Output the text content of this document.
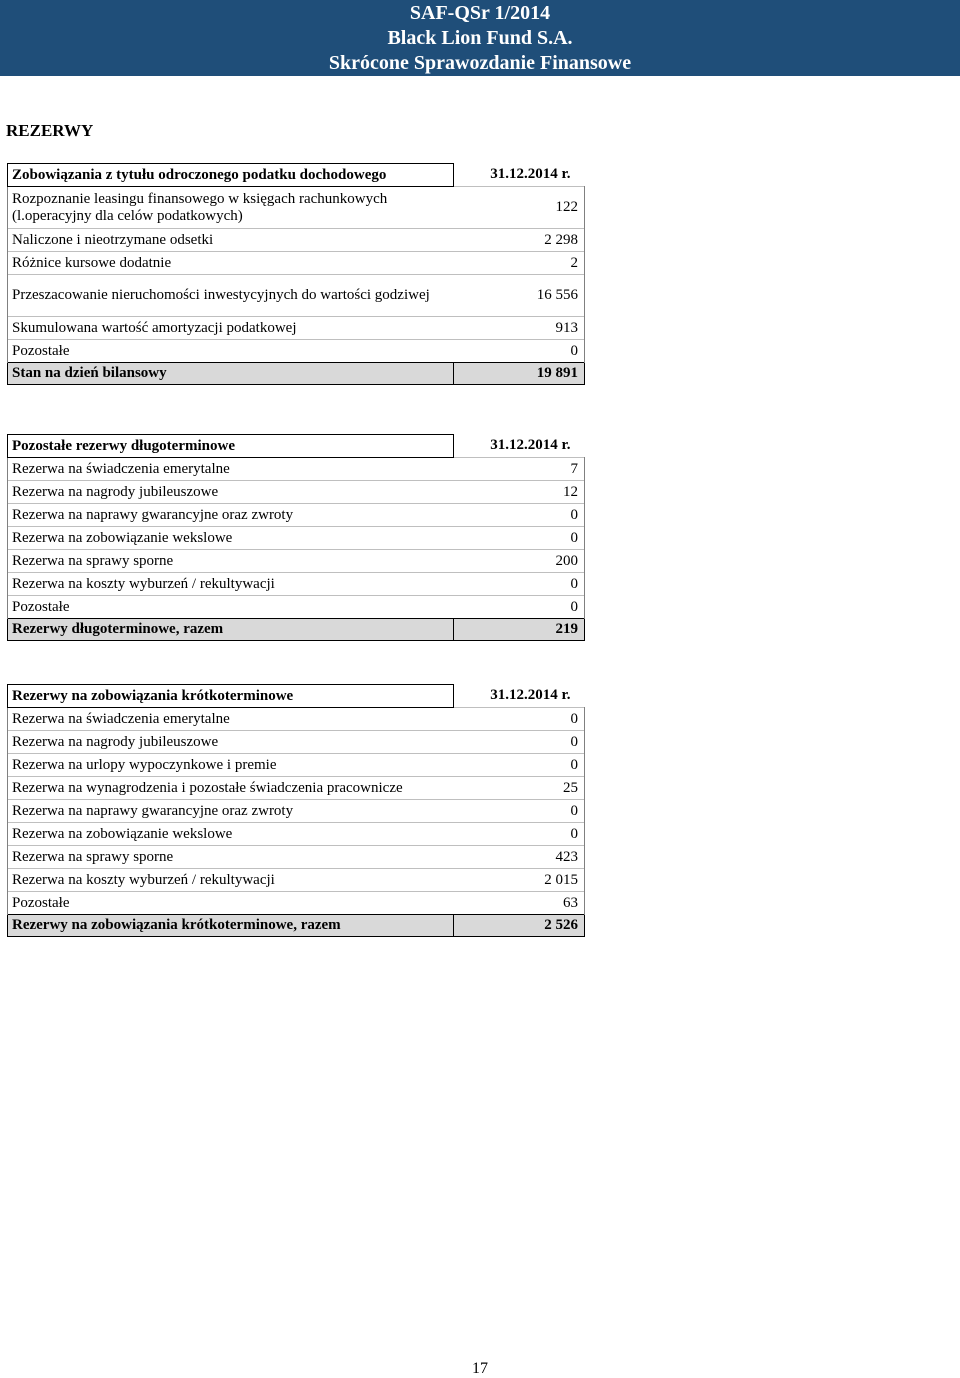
SAF-QSr 1/2014
Black Lion Fund S.A.
Skrócone Sprawozdanie Finansowe
REZERWY
Zobowiązania z tytułu odroczonego podatku dochodowego	31.12.2014 r.
Rozpoznanie leasingu finansowego w księgach rachunkowych (l.operacyjny dla celów podatkowych)	122
Naliczone i nieotrzymane odsetki	2 298
Różnice kursowe dodatnie	2
Przeszacowanie nieruchomości inwestycyjnych do wartości godziwej	16 556
Skumulowana wartość amortyzacji podatkowej	913
Pozostałe	0
Stan na dzień bilansowy	19 891
Pozostałe rezerwy długoterminowe	31.12.2014 r.
Rezerwa na świadczenia emerytalne	7
Rezerwa na nagrody jubileuszowe	12
Rezerwa na naprawy gwarancyjne oraz zwroty	0
Rezerwa na zobowiązanie wekslowe	0
Rezerwa na sprawy sporne	200
Rezerwa na koszty wyburzeń / rekultywacji	0
Pozostałe	0
Rezerwy długoterminowe, razem	219
Rezerwy na zobowiązania krótkoterminowe	31.12.2014 r.
Rezerwa na świadczenia emerytalne	0
Rezerwa na nagrody jubileuszowe	0
Rezerwa na urlopy wypoczynkowe i premie	0
Rezerwa na wynagrodzenia i pozostałe świadczenia pracownicze	25
Rezerwa na naprawy gwarancyjne oraz zwroty	0
Rezerwa na zobowiązanie wekslowe	0
Rezerwa na sprawy sporne	423
Rezerwa na koszty wyburzeń / rekultywacji	2 015
Pozostałe	63
Rezerwy na zobowiązania krótkoterminowe, razem	2 526
17
